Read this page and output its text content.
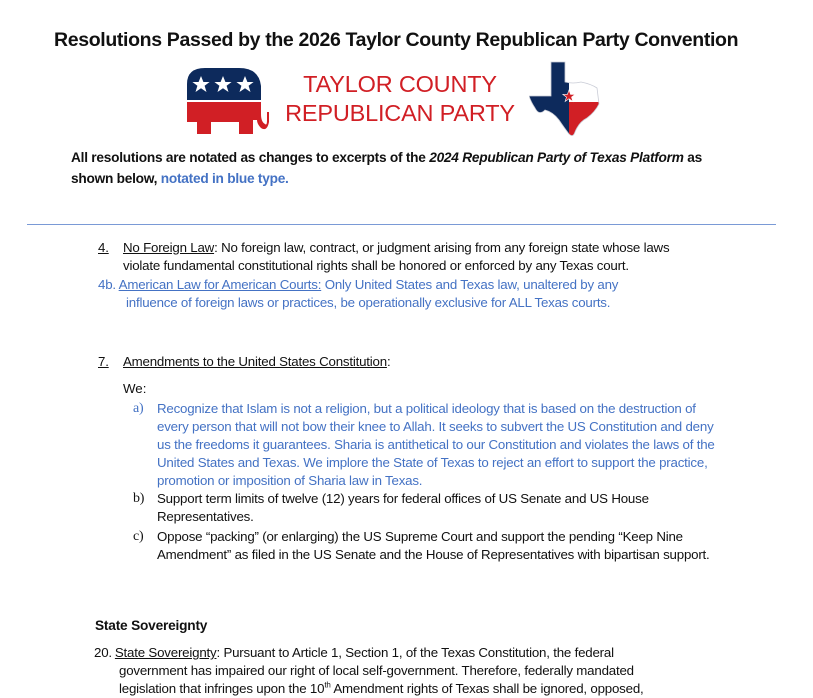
Resolutions Passed by the 2026 Taylor County Republican Party Convention
TAYLOR COUNTY
REPUBLICAN PARTY
All resolutions are notated as changes to excerpts of the 2024 Republican Party of Texas Platform as shown below, notated in blue type.
4. No Foreign Law: No foreign law, contract, or judgment arising from any foreign state whose laws
violate fundamental constitutional rights shall be honored or enforced by any Texas court.
4b. American Law for American Courts: Only United States and Texas law, unaltered by any
influence of foreign laws or practices, be operationally exclusive for ALL Texas courts.
7. Amendments to the United States Constitution:
We:
a) Recognize that Islam is not a religion, but a political ideology that is based on the destruction of every person that will not bow their knee to Allah. It seeks to subvert the US Constitution and deny us the freedoms it guarantees. Sharia is antithetical to our Constitution and violates the laws of the United States and Texas. We implore the State of Texas to reject an effort to support the practice, promotion or imposition of Sharia law in Texas.
b) Support term limits of twelve (12) years for federal offices of US Senate and US House Representatives.
c) Oppose “packing” (or enlarging) the US Supreme Court and support the pending “Keep Nine Amendment” as filed in the US Senate and the House of Representatives with bipartisan support.
State Sovereignty
20. State Sovereignty: Pursuant to Article 1, Section 1, of the Texas Constitution, the federal
government has impaired our right of local self-government. Therefore, federally mandated
legislation that infringes upon the 10th Amendment rights of Texas shall be ignored, opposed,
